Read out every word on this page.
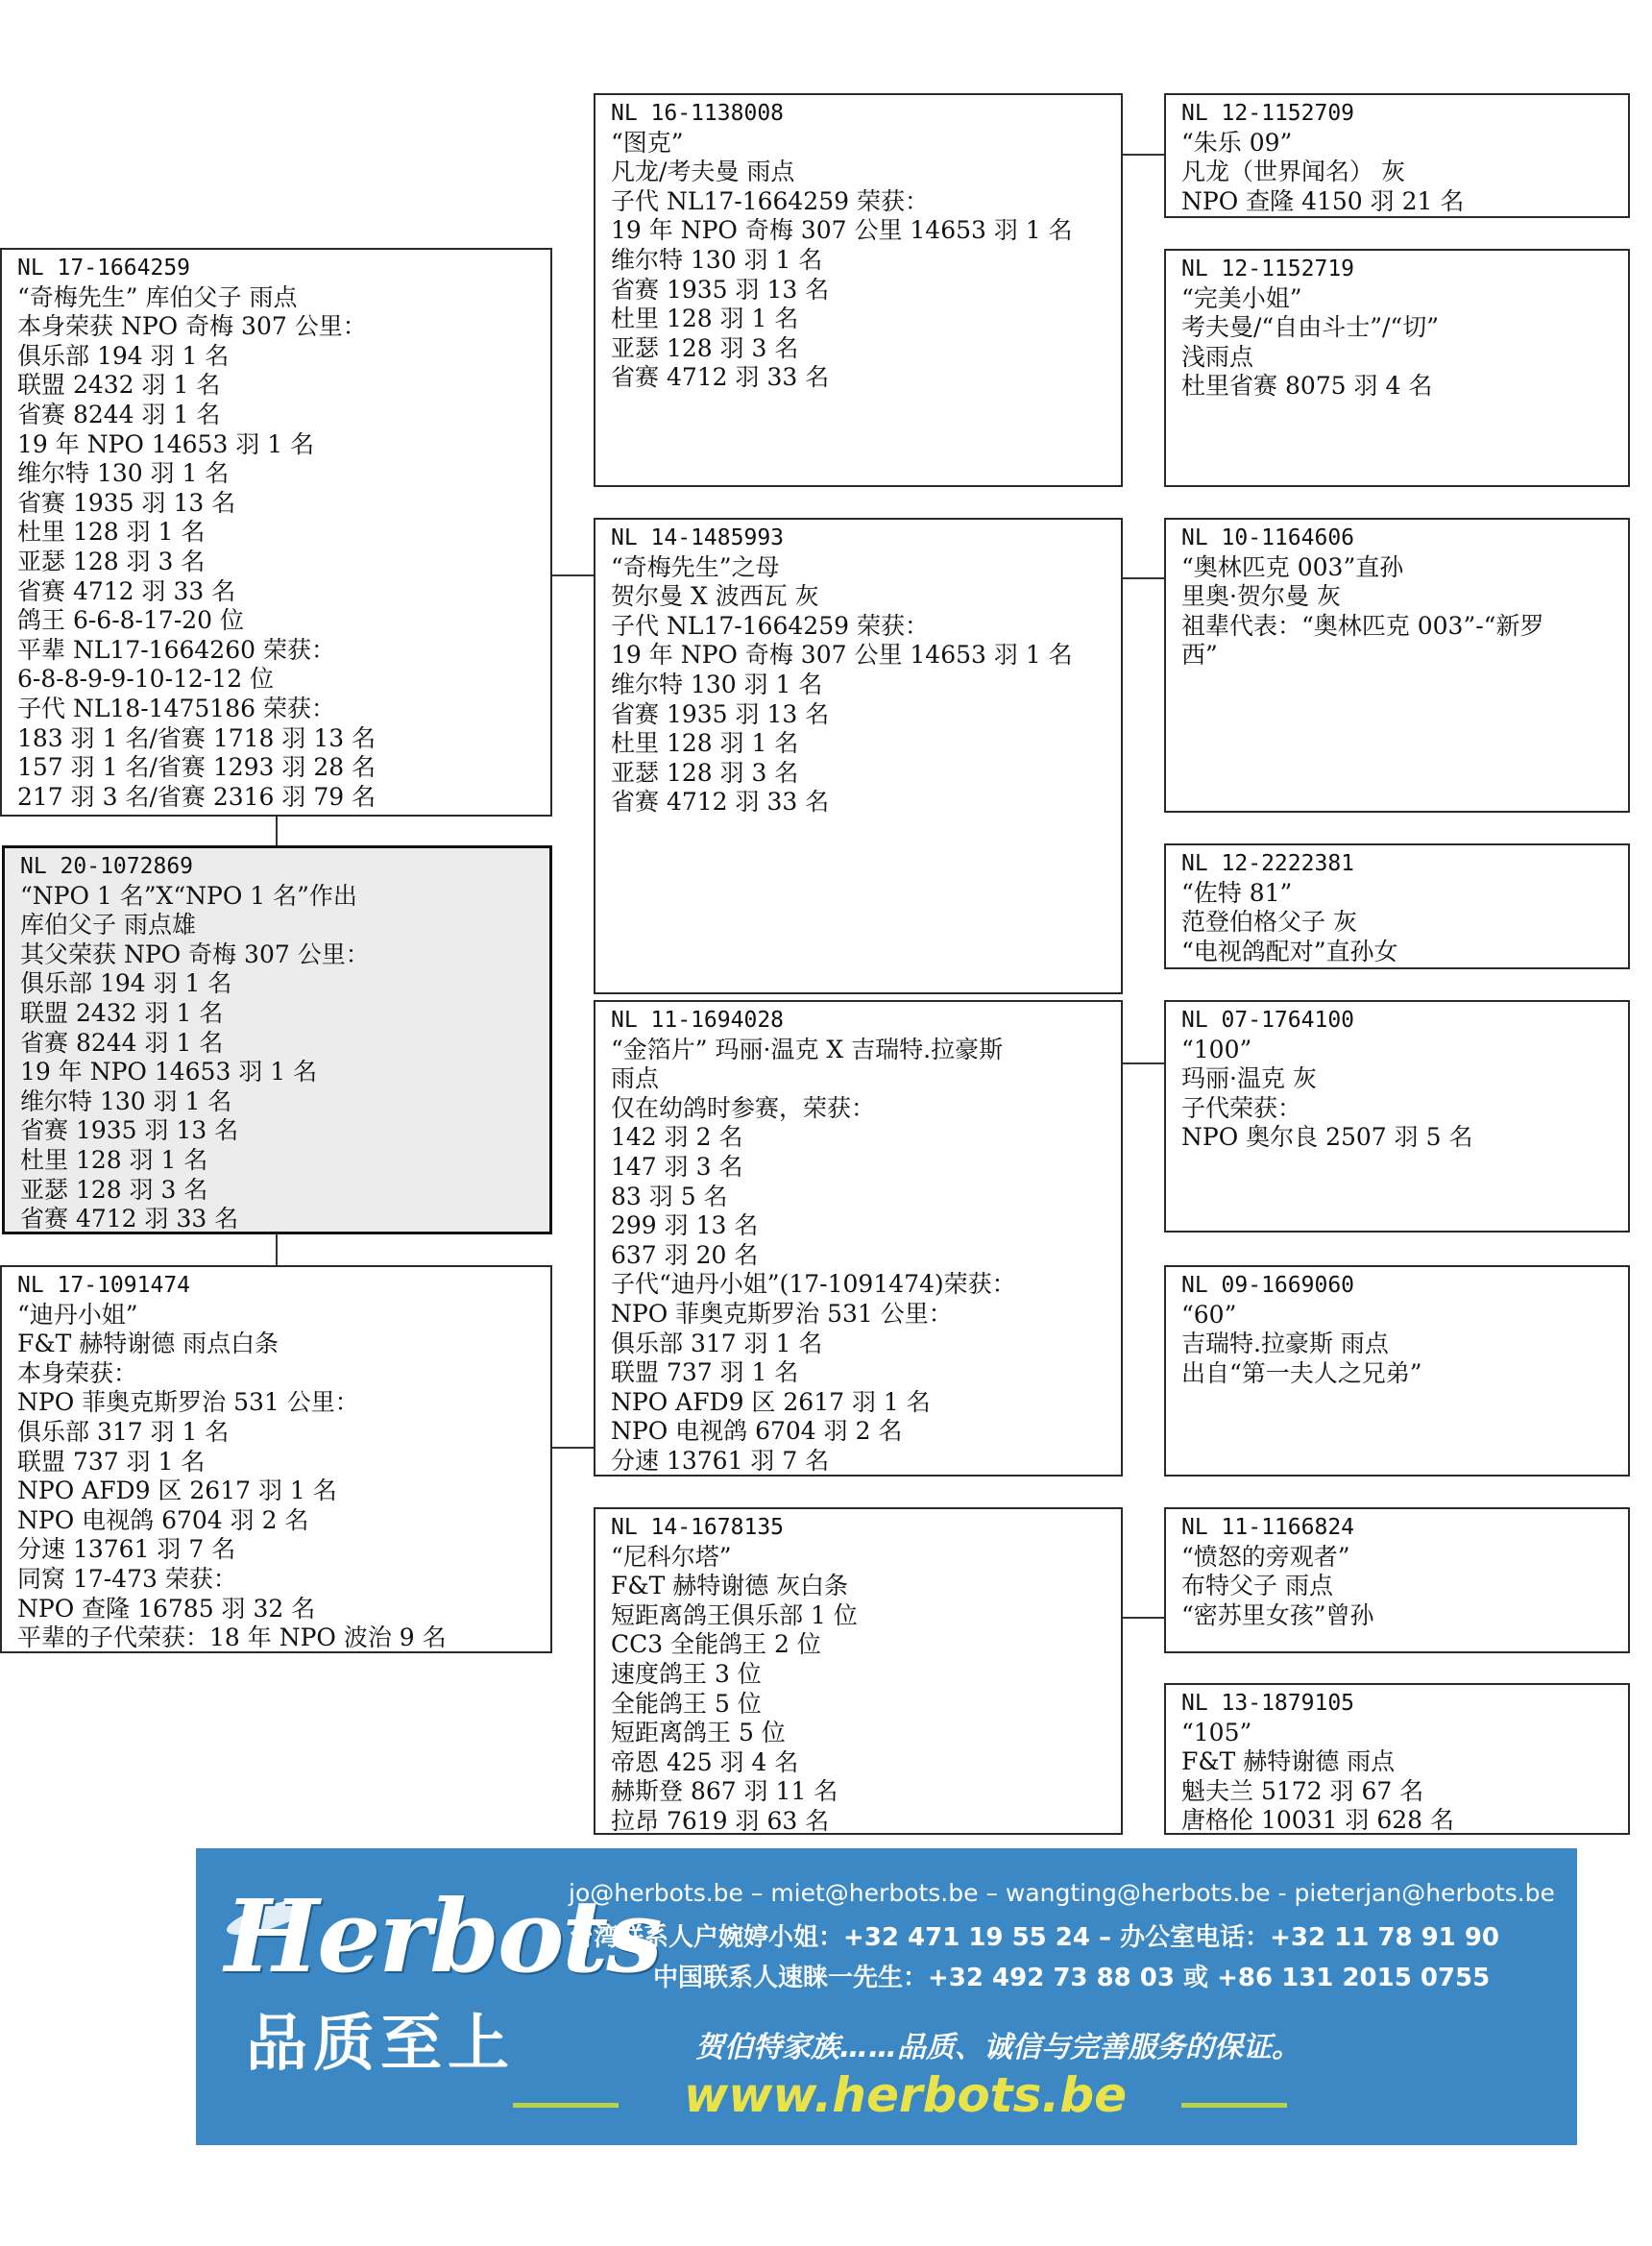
NL 17-1664259
“奇梅先生” 库伯父子 雨点
本身荣获 NPO 奇梅 307 公里：
俱乐部 194 羽 1 名
联盟 2432 羽 1 名
省赛 8244 羽 1 名
19 年 NPO 14653 羽 1 名
维尔特 130 羽 1 名
省赛 1935 羽 13 名
杜里 128 羽 1 名
亚瑟 128 羽 3 名
省赛 4712 羽 33 名
鸽王 6-6-8-17-20 位
平辈 NL17-1664260 荣获：
6-8-8-9-9-10-12-12 位
子代 NL18-1475186 荣获：
183 羽 1 名/省赛 1718 羽 13 名
157 羽 1 名/省赛 1293 羽 28 名
217 羽 3 名/省赛 2316 羽 79 名
NL 20-1072869
“NPO 1 名”X“NPO 1 名”作出
库伯父子 雨点雄
其父荣获 NPO 奇梅 307 公里：
俱乐部 194 羽 1 名
联盟 2432 羽 1 名
省赛 8244 羽 1 名
19 年 NPO 14653 羽 1 名
维尔特 130 羽 1 名
省赛 1935 羽 13 名
杜里 128 羽 1 名
亚瑟 128 羽 3 名
省赛 4712 羽 33 名
NL 17-1091474
“迪丹小姐”
F&T 赫特谢德 雨点白条
本身荣获：
NPO 菲奥克斯罗治 531 公里：
俱乐部 317 羽 1 名
联盟 737 羽 1 名
NPO AFD9 区 2617 羽 1 名
NPO 电视鸽 6704 羽 2 名
分速 13761 羽 7 名
同窝 17-473 荣获：
NPO 查隆 16785 羽 32 名
平辈的子代荣获：18 年 NPO 波治 9 名
NL 16-1138008
“图克”
凡龙/考夫曼 雨点
子代 NL17-1664259 荣获：
19 年 NPO 奇梅 307 公里 14653 羽 1 名
维尔特 130 羽 1 名
省赛 1935 羽 13 名
杜里 128 羽 1 名
亚瑟 128 羽 3 名
省赛 4712 羽 33 名
NL 14-1485993
“奇梅先生”之母
贺尔曼 X 波西瓦 灰
子代 NL17-1664259 荣获：
19 年 NPO 奇梅 307 公里 14653 羽 1 名
维尔特 130 羽 1 名
省赛 1935 羽 13 名
杜里 128 羽 1 名
亚瑟 128 羽 3 名
省赛 4712 羽 33 名
NL 11-1694028
“金箔片” 玛丽·温克 X 吉瑞特.拉豪斯
雨点
仅在幼鸽时参赛，荣获：
142 羽 2 名
147 羽 3 名
83 羽 5 名
299 羽 13 名
637 羽 20 名
子代“迪丹小姐”(17-1091474)荣获：
NPO 菲奥克斯罗治 531 公里：
俱乐部 317 羽 1 名
联盟 737 羽 1 名
NPO AFD9 区 2617 羽 1 名
NPO 电视鸽 6704 羽 2 名
分速 13761 羽 7 名
NL 14-1678135
“尼科尔塔”
F&T 赫特谢德 灰白条
短距离鸽王俱乐部 1 位
CC3 全能鸽王 2 位
速度鸽王 3 位
全能鸽王 5 位
短距离鸽王 5 位
帝恩 425 羽 4 名
赫斯登 867 羽 11 名
拉昂 7619 羽 63 名
NL 12-1152709
“朱乐 09”
凡龙（世界闻名） 灰
NPO 查隆 4150 羽 21 名
NL 12-1152719
“完美小姐”
考夫曼/“自由斗士”/“切”
浅雨点
杜里省赛 8075 羽 4 名
NL 10-1164606
“奥林匹克 003”直孙
里奥·贺尔曼 灰
祖辈代表：“奥林匹克 003”-“新罗
西”
NL 12-2222381
“佐特 81”
范登伯格父子 灰
“电视鸽配对”直孙女
NL 07-1764100
“100”
玛丽·温克 灰
子代荣获：
NPO 奥尔良 2507 羽 5 名
NL 09-1669060
“60”
吉瑞特.拉豪斯 雨点
出自“第一夫人之兄弟”
NL 11-1166824
“愤怒的旁观者”
布特父子 雨点
“密苏里女孩”曾孙
NL 13-1879105
“105”
F&T 赫特谢德 雨点
魁夫兰 5172 羽 67 名
唐格伦 10031 羽 628 名
Herbots
品质至上
jo@herbots.be – miet@herbots.be – wangting@herbots.be - pieterjan@herbots.be
台湾联系人户婉婷小姐：+32 471 19 55 24 – 办公室电话：+32 11 78 91 90
中国联系人速睐一先生：+32 492 73 88 03 或 +86 131 2015 0755
贺伯特家族……品质、诚信与完善服务的保证。
www.herbots.be
